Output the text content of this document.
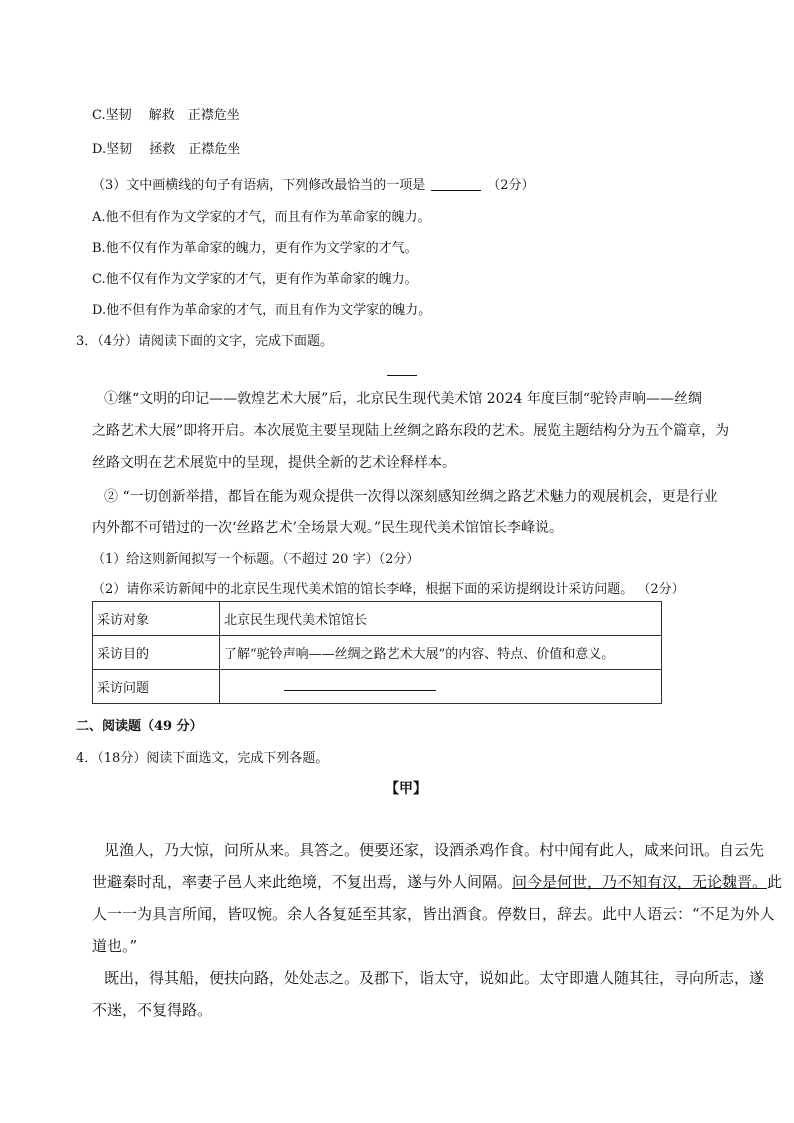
C.坚韧　 解救　正襟危坐
D.坚韧　 拯救　正襟危坐
（3）文中画横线的句子有语病，下列修改最恰当的一项是	（2分）
A.他不但有作为文学家的才气，而且有作为革命家的魄力。
B.他不仅有作为革命家的魄力，更有作为文学家的才气。
C.他不仅有作为文学家的才气，更有作为革命家的魄力。
D.他不但有作为革命家的才气，而且有作为文学家的魄力。
3．（4分）请阅读下面的文字，完成下面题。
①继“文明的印记——敦煌艺术大展”后，北京民生现代美术馆 2024 年度巨制“驼铃声响——丝绸
之路艺术大展”即将开启。本次展览主要呈现陆上丝绸之路东段的艺术。展览主题结构分为五个篇章，为
丝路文明在艺术展览中的呈现，提供全新的艺术诠释样本。
② “一切创新举措，都旨在能为观众提供一次得以深刻感知丝绸之路艺术魅力的观展机会，更是行业
内外都不可错过的一次‘丝路艺术’全场景大观。”民生现代美术馆馆长李峰说。
（1）给这则新闻拟写一个标题。（不超过 20 字）（2分）
（2）请你采访新闻中的北京民生现代美术馆的馆长李峰，根据下面的采访提纲设计采访问题。 （2分）
采访对象	北京民生现代美术馆馆长
采访目的	了解“驼铃声响——丝绸之路艺术大展”的内容、特点、价值和意义。
采访问题	
二、阅读题（49 分）
4．（18分）阅读下面选文，完成下列各题。
【甲】
见渔人，乃大惊，问所从来。具答之。便要还家，设酒杀鸡作食。村中闻有此人，咸来问讯。自云先
世避秦时乱，率妻子邑人来此绝境，不复出焉，遂与外人间隔。问今是何世，乃不知有汉，无论魏晋。此
人一一为具言所闻，皆叹惋。余人各复延至其家，皆出酒食。停数日，辞去。此中人语云：“不足为外人
道也。”
既出，得其船，便扶向路，处处志之。及郡下，诣太守，说如此。太守即遣人随其往，寻向所志，遂
不迷，不复得路。
